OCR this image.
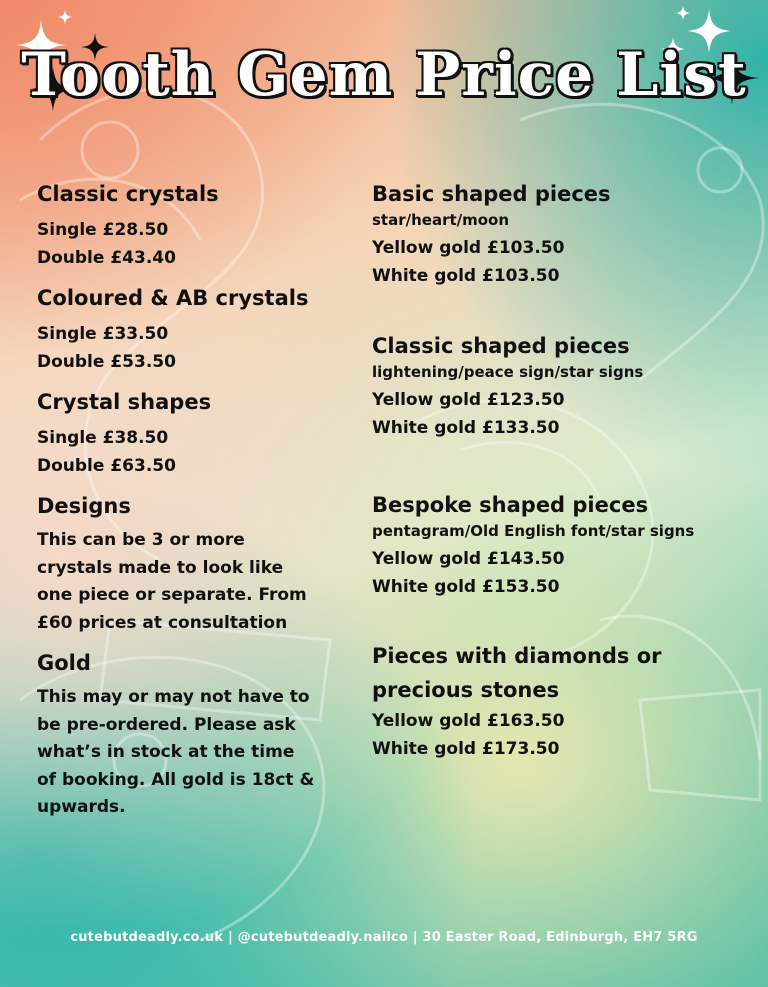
Tooth Gem Price List
Classic crystals
Single £28.50
Double £43.40
Coloured & AB crystals
Single £33.50
Double £53.50
Crystal shapes
Single £38.50
Double £63.50
Designs
This can be 3 or more crystals made to look like one piece or separate. From £60 prices at consultation
Gold
This may or may not have to be pre-ordered. Please ask what’s in stock at the time of booking. All gold is 18ct & upwards.
Basic shaped pieces
star/heart/moon
Yellow gold £103.50
White gold £103.50
Classic shaped pieces
lightening/peace sign/star signs
Yellow gold £123.50
White gold £133.50
Bespoke shaped pieces
pentagram/Old English font/star signs
Yellow gold £143.50
White gold £153.50
Pieces with diamonds or precious stones
Yellow gold £163.50
White gold £173.50
cutebutdeadly.co.uk | @cutebutdeadly.nailco | 30 Easter Road, Edinburgh, EH7 5RG
